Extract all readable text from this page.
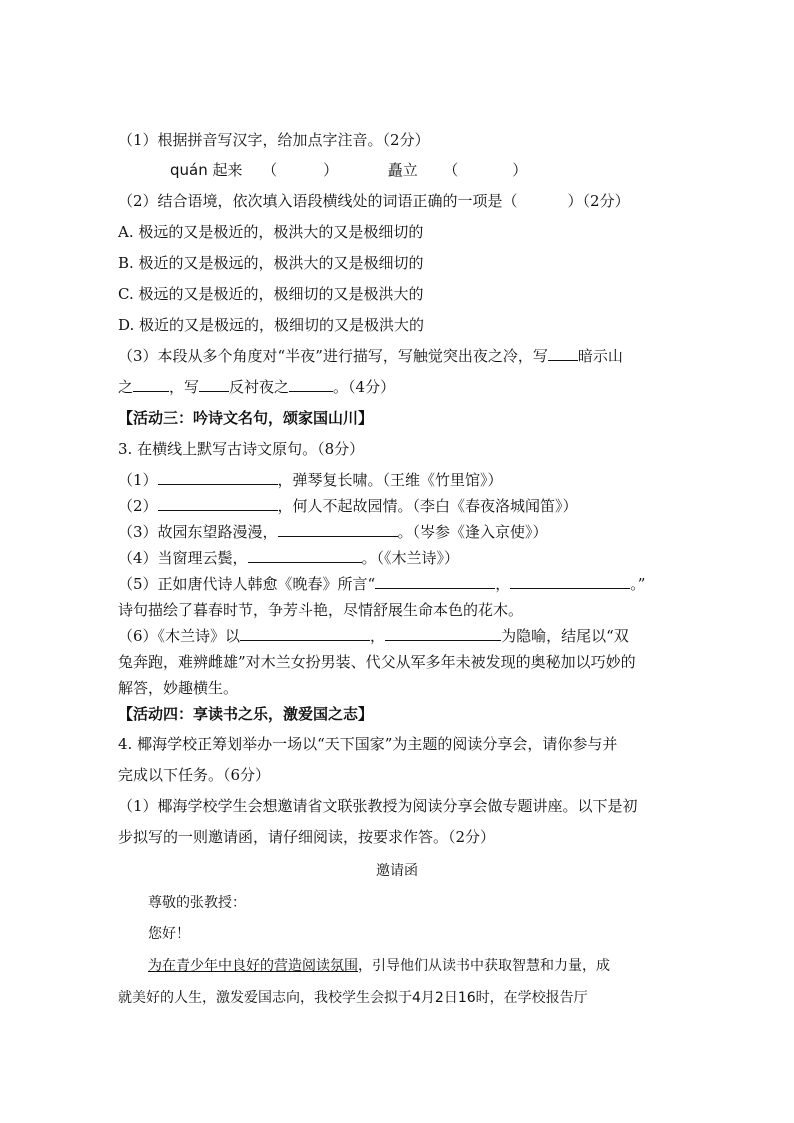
（1）根据拼音写汉字，给加点字注音。（2分）
quán 起来 （	）	矗立 （	）
（2）结合语境，依次填入语段横线处的词语正确的一项是（	）（2分）
A. 极远的又是极近的，极洪大的又是极细切的
B. 极近的又是极远的，极洪大的又是极细切的
C. 极远的又是极近的，极细切的又是极洪大的
D. 极近的又是极远的，极细切的又是极洪大的
（3）本段从多个角度对“半夜”进行描写，写触觉突出夜之冷，写 暗示山
之 ，写 反衬夜之	。（4分）
【活动三：吟诗文名句，颂家国山川】
3. 在横线上默写古诗文原句。（8分）
（1）	，弹琴复长啸。（王维《竹里馆》）
（2）	，何人不起故园情。（李白《春夜洛城闻笛》）
（3）故园东望路漫漫，	。（岑参《逢入京使》）
（4）当窗理云鬓，	。（《木兰诗》）
（5）正如唐代诗人韩愈《晚春》所言“	，	。”
诗句描绘了暮春时节，争芳斗艳，尽情舒展生命本色的花木。
（6）《木兰诗》以	，	为隐喻，结尾以“双
兔奔跑，难辨雌雄”对木兰女扮男装、代父从军多年未被发现的奥秘加以巧妙的
解答，妙趣横生。
【活动四：享读书之乐，激爱国之志】
4. 椰海学校正筹划举办一场以“天下国家”为主题的阅读分享会，请你参与并
完成以下任务。（6分）
（1）椰海学校学生会想邀请省文联张教授为阅读分享会做专题讲座。以下是初
步拟写的一则邀请函，请仔细阅读，按要求作答。（2分）
邀请函
尊敬的张教授：
您好！
为在青少年中良好的营造阅读氛围，引导他们从读书中获取智慧和力量，成
就美好的人生，激发爱国志向，我校学生会拟于4月2日16时，在学校报告厅
